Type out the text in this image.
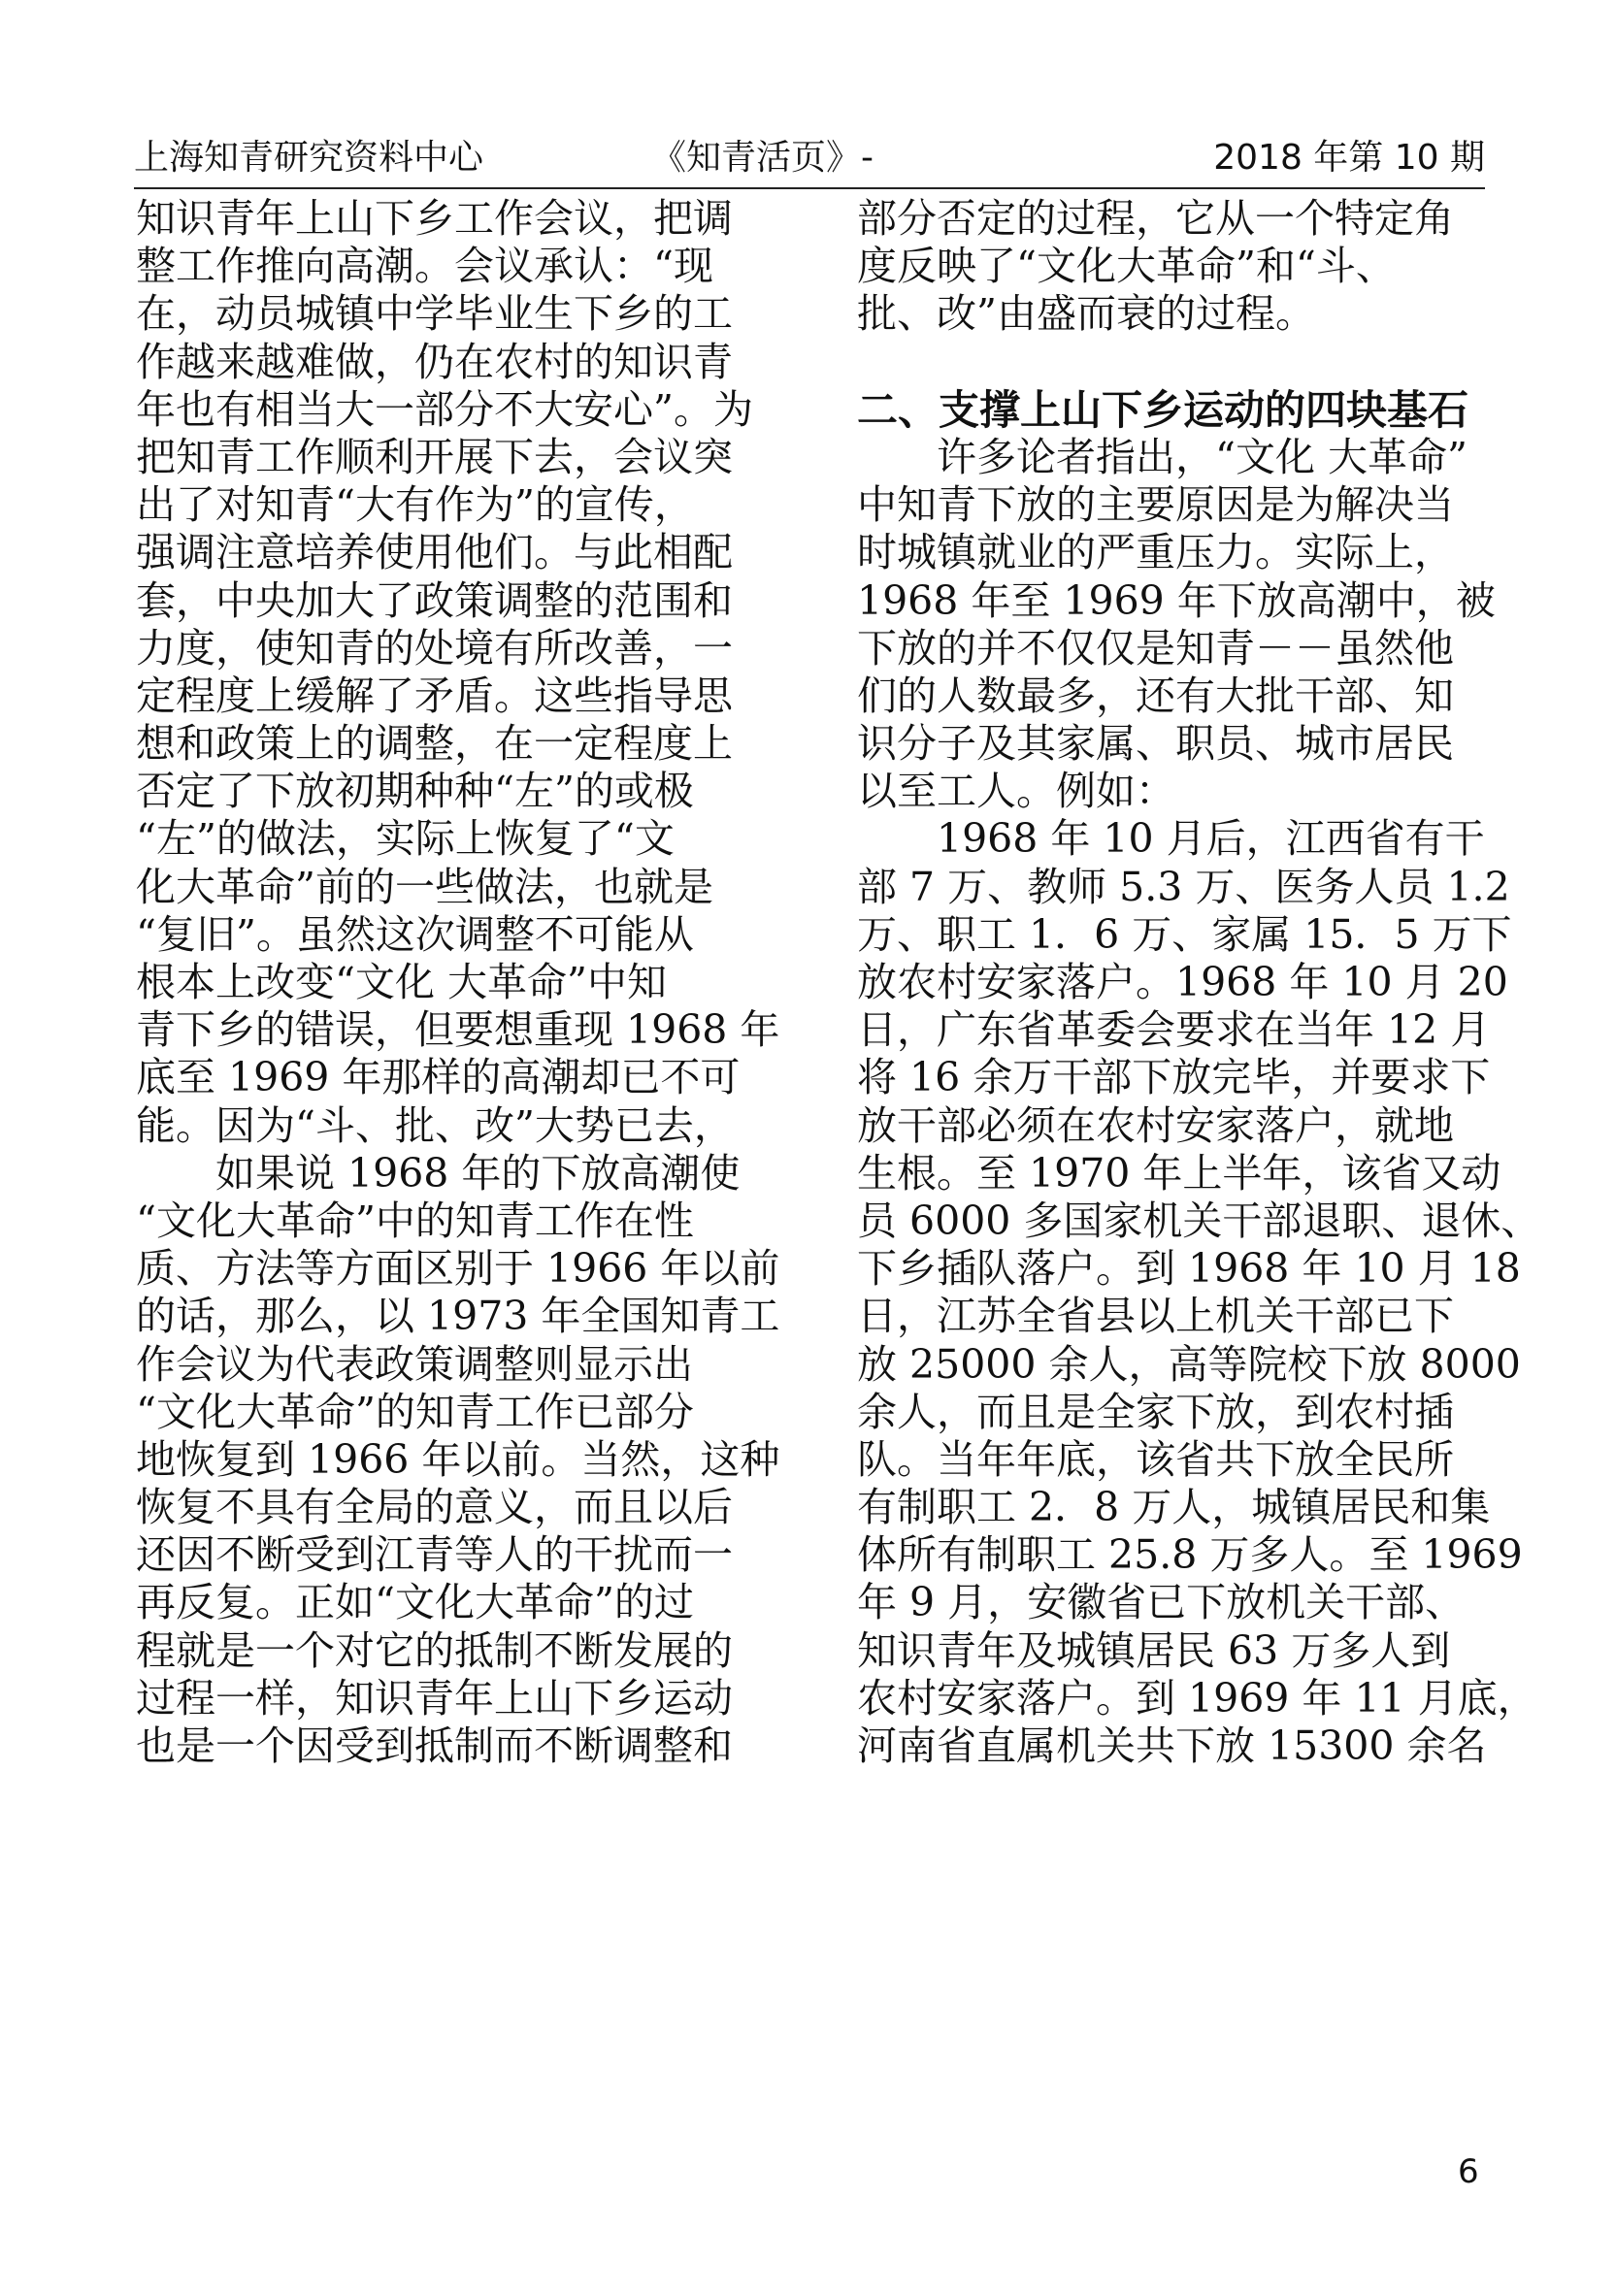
上海知青研究资料中心	《知青活页》-	2018 年第 10 期
知识青年上山下乡工作会议，把调
整工作推向高潮。会议承认：“现
在，动员城镇中学毕业生下乡的工
作越来越难做，仍在农村的知识青
年也有相当大一部分不大安心”。为
把知青工作顺利开展下去，会议突
出了对知青“大有作为”的宣传，
强调注意培养使用他们。与此相配
套，中央加大了政策调整的范围和
力度，使知青的处境有所改善，一
定程度上缓解了矛盾。这些指导思
想和政策上的调整，在一定程度上
否定了下放初期种种“左”的或极
“左”的做法，实际上恢复了“文
化大革命”前的一些做法，也就是
“复旧”。虽然这次调整不可能从
根本上改变“文化 大革命”中知
青下乡的错误，但要想重现 1968 年
底至 1969 年那样的高潮却已不可
能。因为“斗、批、改”大势已去，
　　如果说 1968 年的下放高潮使
“文化大革命”中的知青工作在性
质、方法等方面区别于 1966 年以前
的话，那么，以 1973 年全国知青工
作会议为代表政策调整则显示出
“文化大革命”的知青工作已部分
地恢复到 1966 年以前。当然，这种
恢复不具有全局的意义，而且以后
还因不断受到江青等人的干扰而一
再反复。正如“文化大革命”的过
程就是一个对它的抵制不断发展的
过程一样，知识青年上山下乡运动
也是一个因受到抵制而不断调整和
部分否定的过程，它从一个特定角
度反映了“文化大革命”和“斗、
批、改”由盛而衰的过程。
二、支撑上山下乡运动的四块基石
　　许多论者指出，“文化 大革命”
中知青下放的主要原因是为解决当
时城镇就业的严重压力。实际上，
1968 年至 1969 年下放高潮中，被
下放的并不仅仅是知青－－虽然他
们的人数最多，还有大批干部、知
识分子及其家属、职员、城市居民
以至工人。例如：
　　1968 年 10 月后，江西省有干
部 7 万、教师 5.3 万、医务人员 1.2
万、职工 1．6 万、家属 15．5 万下
放农村安家落户。1968 年 10 月 20
日，广东省革委会要求在当年 12 月
将 16 余万干部下放完毕，并要求下
放干部必须在农村安家落户，就地
生根。至 1970 年上半年，该省又动
员 6000 多国家机关干部退职、退休、
下乡插队落户。到 1968 年 10 月 18
日，江苏全省县以上机关干部已下
放 25000 余人，高等院校下放 8000
余人，而且是全家下放，到农村插
队。当年年底，该省共下放全民所
有制职工 2．8 万人，城镇居民和集
体所有制职工 25.8 万多人。至 1969
年 9 月，安徽省已下放机关干部、
知识青年及城镇居民 63 万多人到
农村安家落户。到 1969 年 11 月底，
河南省直属机关共下放 15300 余名
6
